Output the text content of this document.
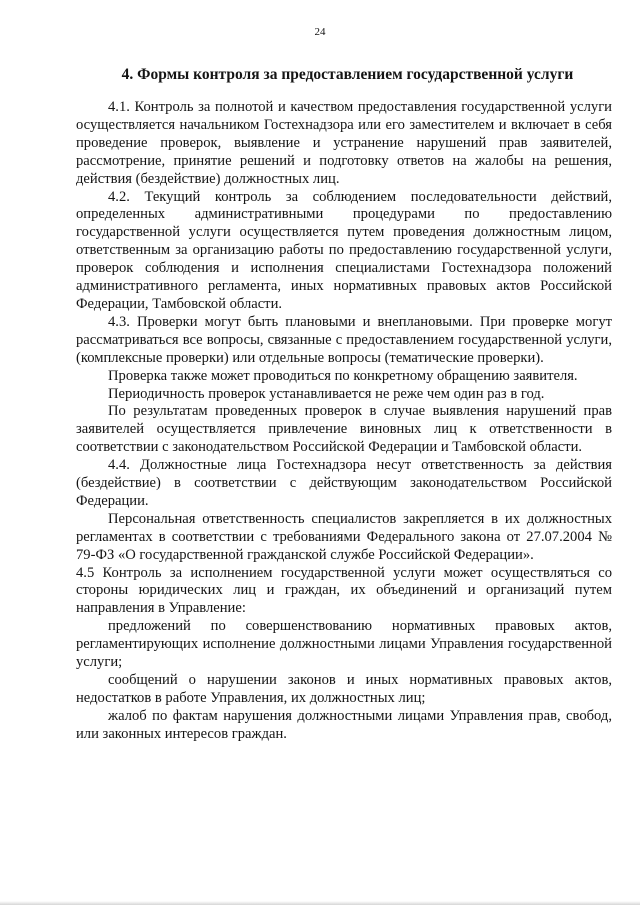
24
4. Формы контроля за предоставлением государственной услуги

4.1. Контроль за полнотой и качеством предоставления государственной услуги осуществляется начальником Гостехнадзора или его заместителем и включает в себя проведение проверок, выявление и устранение нарушений прав заявителей, рассмотрение, принятие решений и подготовку ответов на жалобы на решения, действия (бездействие) должностных лиц.

4.2. Текущий контроль за соблюдением последовательности действий, определенных административными процедурами по предоставлению государственной услуги осуществляется путем проведения должностным лицом, ответственным за организацию работы по предоставлению государственной услуги, проверок соблюдения и исполнения специалистами Гостехнадзора положений административного регламента, иных нормативных правовых актов Российской Федерации, Тамбовской области.

4.3. Проверки могут быть плановыми и внеплановыми. При проверке могут рассматриваться все вопросы, связанные с предоставлением государственной услуги, (комплексные проверки) или отдельные вопросы (тематические проверки).

Проверка также может проводиться по конкретному обращению заявителя.

Периодичность проверок устанавливается не реже чем один раз в год.

По результатам проведенных проверок в случае выявления нарушений прав заявителей осуществляется привлечение виновных лиц к ответственности в соответствии с законодательством Российской Федерации и Тамбовской области.

4.4. Должностные лица Гостехнадзора несут ответственность за действия (бездействие) в соответствии с действующим законодательством Российской Федерации.

Персональная ответственность специалистов закрепляется в их должностных регламентах в соответствии с требованиями Федерального закона от 27.07.2004 № 79-ФЗ «О государственной гражданской службе Российской Федерации».

4.5 Контроль за исполнением государственной услуги может осуществляться со стороны юридических лиц и граждан, их объединений и организаций путем направления в Управление:

предложений по совершенствованию нормативных правовых актов, регламентирующих исполнение должностными лицами Управления государственной услуги;

сообщений о нарушении законов и иных нормативных правовых актов, недостатков в работе Управления, их должностных лиц;

жалоб по фактам нарушения должностными лицами Управления прав, свобод, или законных интересов граждан.
